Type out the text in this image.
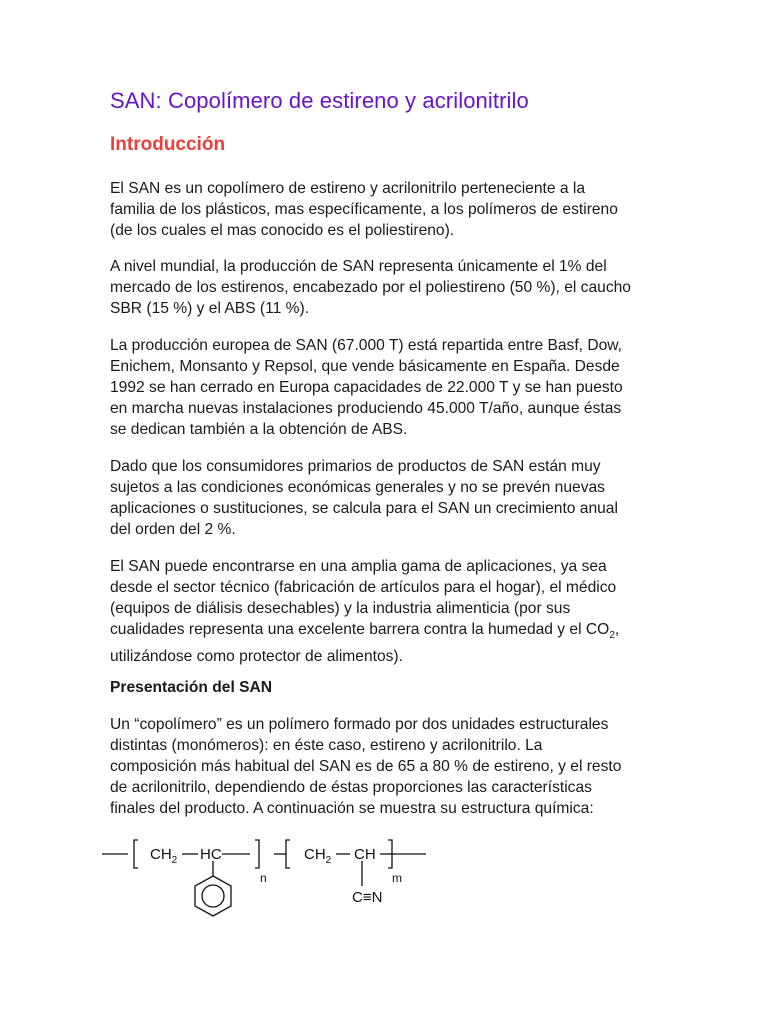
SAN: Copolímero de estireno y acrilonitrilo
Introducción

El SAN es un copolímero de estireno y acrilonitrilo perteneciente a la
familia de los plásticos, mas específicamente, a los polímeros de estireno
(de los cuales el mas conocido es el poliestireno).

A nivel mundial, la producción de SAN representa únicamente el 1% del
mercado de los estirenos, encabezado por el poliestireno (50 %), el caucho
SBR (15 %) y el ABS (11 %).

La producción europea de SAN (67.000 T) está repartida entre Basf, Dow,
Enichem, Monsanto y Repsol, que vende básicamente en España. Desde
1992 se han cerrado en Europa capacidades de 22.000 T y se han puesto
en marcha nuevas instalaciones produciendo 45.000 T/año, aunque éstas
se dedican también a la obtención de ABS.

Dado que los consumidores primarios de productos de SAN están muy
sujetos a las condiciones económicas generales y no se prevén nuevas
aplicaciones o sustituciones, se calcula para el SAN un crecimiento anual
del orden del 2 %.

El SAN puede encontrarse en una amplia gama de aplicaciones, ya sea
desde el sector técnico (fabricación de artículos para el hogar), el médico
(equipos de diálisis desechables) y la industria alimenticia (por sus
cualidades representa una excelente barrera contra la humedad y el $CO_2$,
utilizándose como protector de alimentos).

Presentación del SAN

Un “copolímero” es un polímero formado por dos unidades estructurales
distintas (monómeros): en éste caso, estireno y acrilonitrilo. La
composición más habitual del SAN es de 65 a 80 % de estireno, y el resto
de acrilonitrilo, dependiendo de éstas proporciones las características
finales del producto. A continuación se muestra su estructura química:

$CH_2$ HC
n
$CH_2$ CH
m
C≡N
